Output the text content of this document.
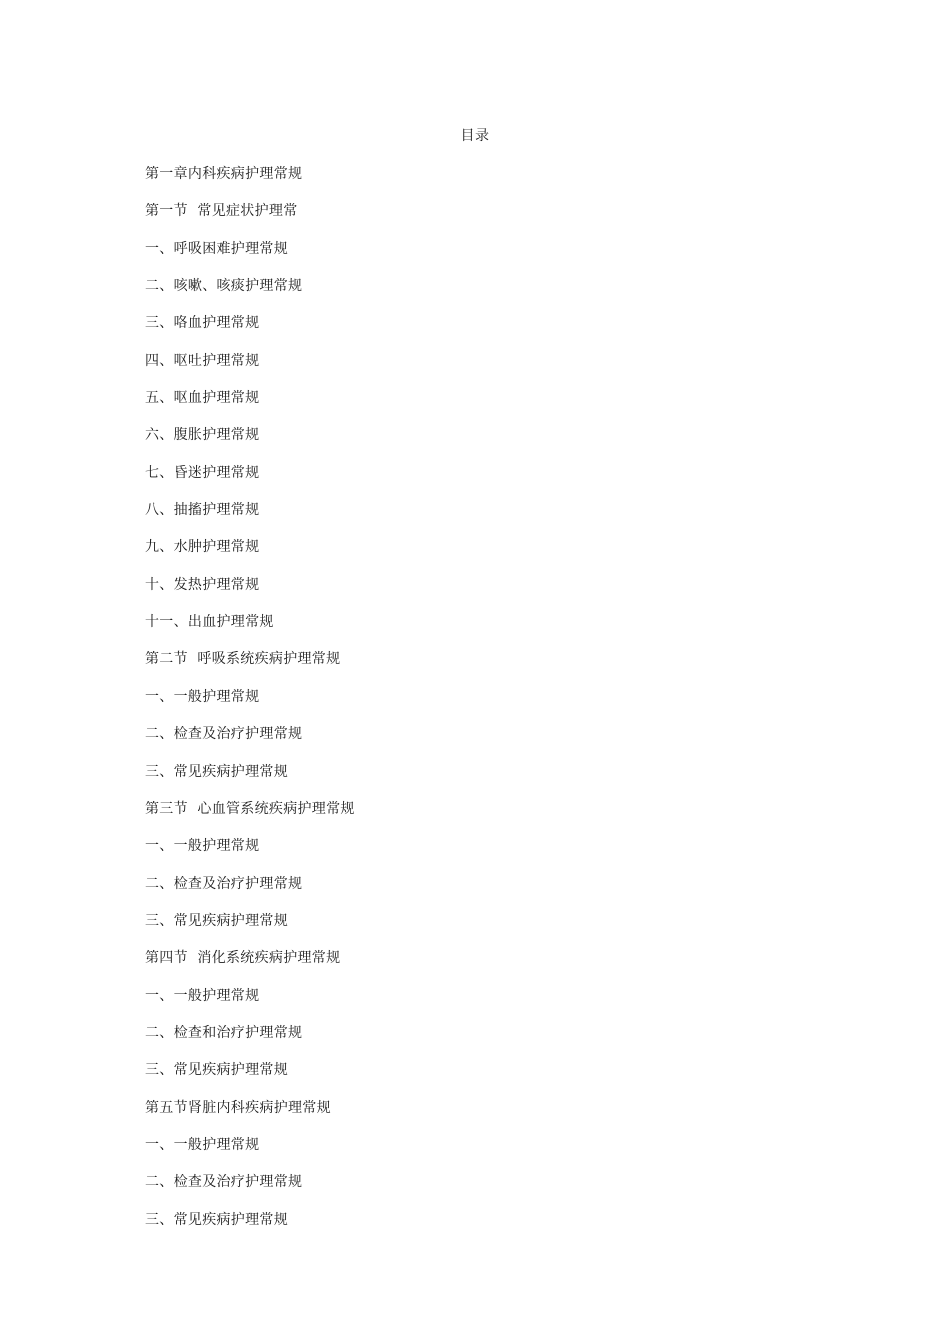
目录
第一章内科疾病护理常规
第一节  常见症状护理常
一、呼吸困难护理常规
二、咳嗽、咳痰护理常规
三、咯血护理常规
四、呕吐护理常规
五、呕血护理常规
六、腹胀护理常规
七、昏迷护理常规
八、抽搐护理常规
九、水肿护理常规
十、发热护理常规
十一、出血护理常规
第二节  呼吸系统疾病护理常规
一、一般护理常规
二、检查及治疗护理常规
三、常见疾病护理常规
第三节  心血管系统疾病护理常规
一、一般护理常规
二、检查及治疗护理常规
三、常见疾病护理常规
第四节  消化系统疾病护理常规
一、一般护理常规
二、检查和治疗护理常规
三、常见疾病护理常规
第五节肾脏内科疾病护理常规
一、一般护理常规
二、检查及治疗护理常规
三、常见疾病护理常规
